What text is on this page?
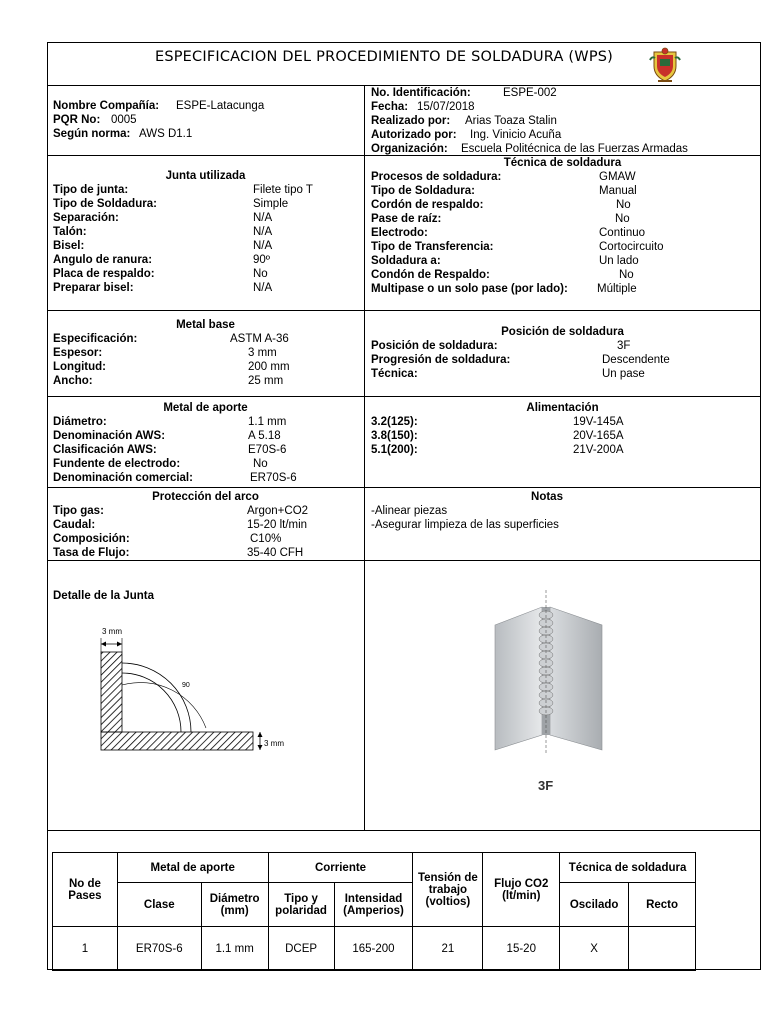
ESPECIFICACION DEL PROCEDIMIENTO DE SOLDADURA (WPS)
Nombre Compañía: ESPE-Latacunga
PQR No: 0005
Según norma: AWS D1.1
No. Identificación:	ESPE-002
Fecha: 15/07/2018
Realizado por: Arias Toaza Stalin
Autorizado por: Ing. Vinicio Acuña
Organización: Escuela Politécnica de las Fuerzas Armadas
Junta utilizada
Tipo de junta:	Filete tipo T
Tipo de Soldadura:	Simple
Separación:	N/A
Talón:	N/A
Bisel:	N/A
Angulo de ranura:	90º
Placa de respaldo:	No
Preparar bisel:	N/A
Técnica de soldadura
Procesos de soldadura:	GMAW
Tipo de Soldadura:	Manual
Cordón de respaldo:	No
Pase de raíz:	No
Electrodo:	Continuo
Tipo de Transferencia:	Cortocircuito
Soldadura a:	Un lado
Condón de Respaldo:	No
Multipase o un solo pase (por lado):	Múltiple
Metal base
Especificación:	ASTM A-36
Espesor:	3 mm
Longitud:	200 mm
Ancho:	25 mm
Posición de soldadura
Posición de soldadura:	3F
Progresión de soldadura:	Descendente
Técnica:	Un pase
Metal de aporte
Diámetro:	1.1 mm
Denominación AWS:	A 5.18
Clasificación AWS:	E70S-6
Fundente de electrodo:	No
Denominación comercial:	ER70S-6
Alimentación
3.2(125):	19V-145A
3.8(150):	20V-165A
5.1(200):	21V-200A
Protección del arco
Tipo gas:	Argon+CO2
Caudal:	15-20 lt/min
Composición:	C10%
Tasa de Flujo:	35-40 CFH
Notas
-Alinear piezas
-Asegurar limpieza de las superficies
Detalle de la Junta
3 mm
90
3 mm
3F
No de Pases	Metal de aporte		Corriente		Tensión de trabajo (voltios)	Flujo CO2 (lt/min)	Técnica de soldadura	
	Clase	Diámetro (mm)	Tipo y polaridad	Intensidad (Amperios)			Oscilado	Recto
1	ER70S-6	1.1 mm	DCEP	165-200	21	15-20	X	
